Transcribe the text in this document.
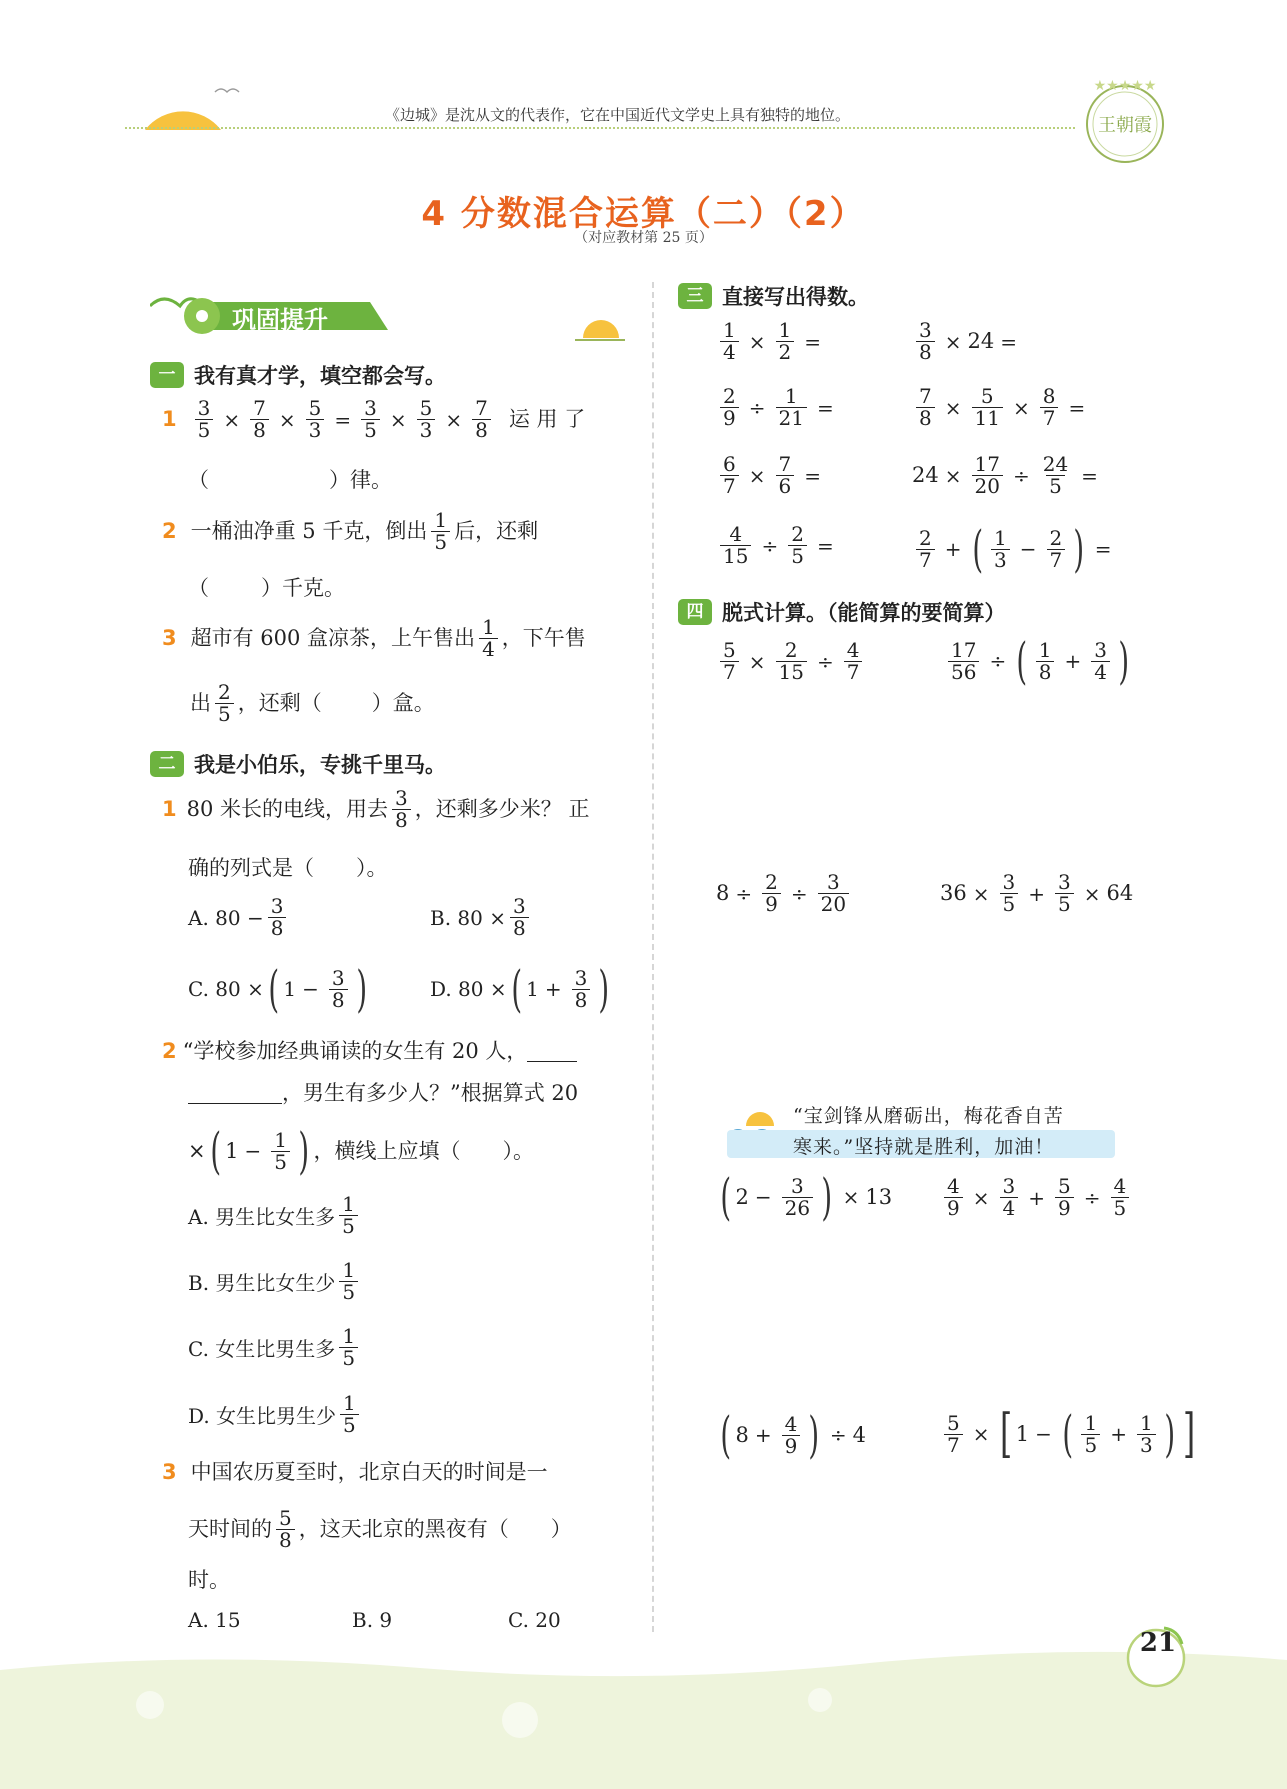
《边城》是沈从文的代表作，它在中国近代文学史上具有独特的地位。	王朝霞
★★★★★
4 分数混合运算（二）（2）
（对应教材第 25 页）
巩固提升
一 我有真才学，填空都会写。
$1 \frac{3}{5} \times \frac{7}{8} \times \frac{5}{3} = \frac{3}{5} \times \frac{5}{3} \times \frac{7}{8}$ 运 用 了
（	）律。
2 一桶油净重 5 千克，倒出 $\frac{1}{5}$ 后，还剩
（ ）千克。
3 超市有 600 盒凉茶，上午售出 $\frac{1}{4}$ ，下午售
出 $\frac{2}{5}$ ，还剩（ ）盒。
二 我是小伯乐，专挑千里马。
1 80 米长的电线，用去 $\frac{3}{8}$ ，还剩多少米？ 正
确的列式是（　　）。
A. $80 - \frac{3}{8}$	B. $80 \times \frac{3}{8}$
C. 80 × ( $1 - \frac{3}{8}$ )	D. 80 × ( $1 + \frac{3}{8}$ )
2 “学校参加经典诵读的女生有 20 人，

，男生有多少人？”根据算式 20
× ( $1 - \frac{1}{5}$ ) ，横线上应填（　　）。
A. 男生比女生多 $\frac{1}{5}$
B. 男生比女生少 $\frac{1}{5}$
C. 女生比男生多 $\frac{1}{5}$
D. 女生比男生少 $\frac{1}{5}$
3 中国农历夏至时，北京白天的时间是一
天时间的 $\frac{5}{8}$ ，这天北京的黑夜有（　　）
时。
A. 15	B. 9	C. 20
三 直接写出得数。
$\frac{1}{4} \times \frac{1}{2}$ =	$\frac{3}{8} \times 24$ =
$\frac{2}{9} \div \frac{1}{21}$ =	$\frac{7}{8} \times \frac{5}{11} \times \frac{8}{7}$ =
$\frac{6}{7} \times \frac{7}{6}$ =	$24 \times \frac{17}{20} \div \frac{24}{5}$ =
$\frac{4}{15} \div \frac{2}{5}$ =	$\frac{2}{7}$ + ( $\frac{1}{3} - \frac{2}{7}$ ) =
四 脱式计算。（能简算的要简算）
$\frac{5}{7} \times \frac{2}{15} \div \frac{4}{7}$	$\frac{17}{56}$ ÷ ( $\frac{1}{8} + \frac{3}{4}$ )
$8 \div \frac{2}{9} \div \frac{3}{20}$	$36 \times \frac{3}{5} + \frac{3}{5} \times 64$
“宝剑锋从磨砺出，梅花香自苦
寒来。”坚持就是胜利，加油！
( $2 - \frac{3}{26}$ ) × 13	$\frac{4}{9} \times \frac{3}{4} + \frac{5}{9} \div \frac{4}{5}$
( $8 + \frac{4}{9}$ ) ÷ 4	$\frac{5}{7}$ × [ 1 − ( $\frac{1}{5} + \frac{1}{3}$ ) ]
21
